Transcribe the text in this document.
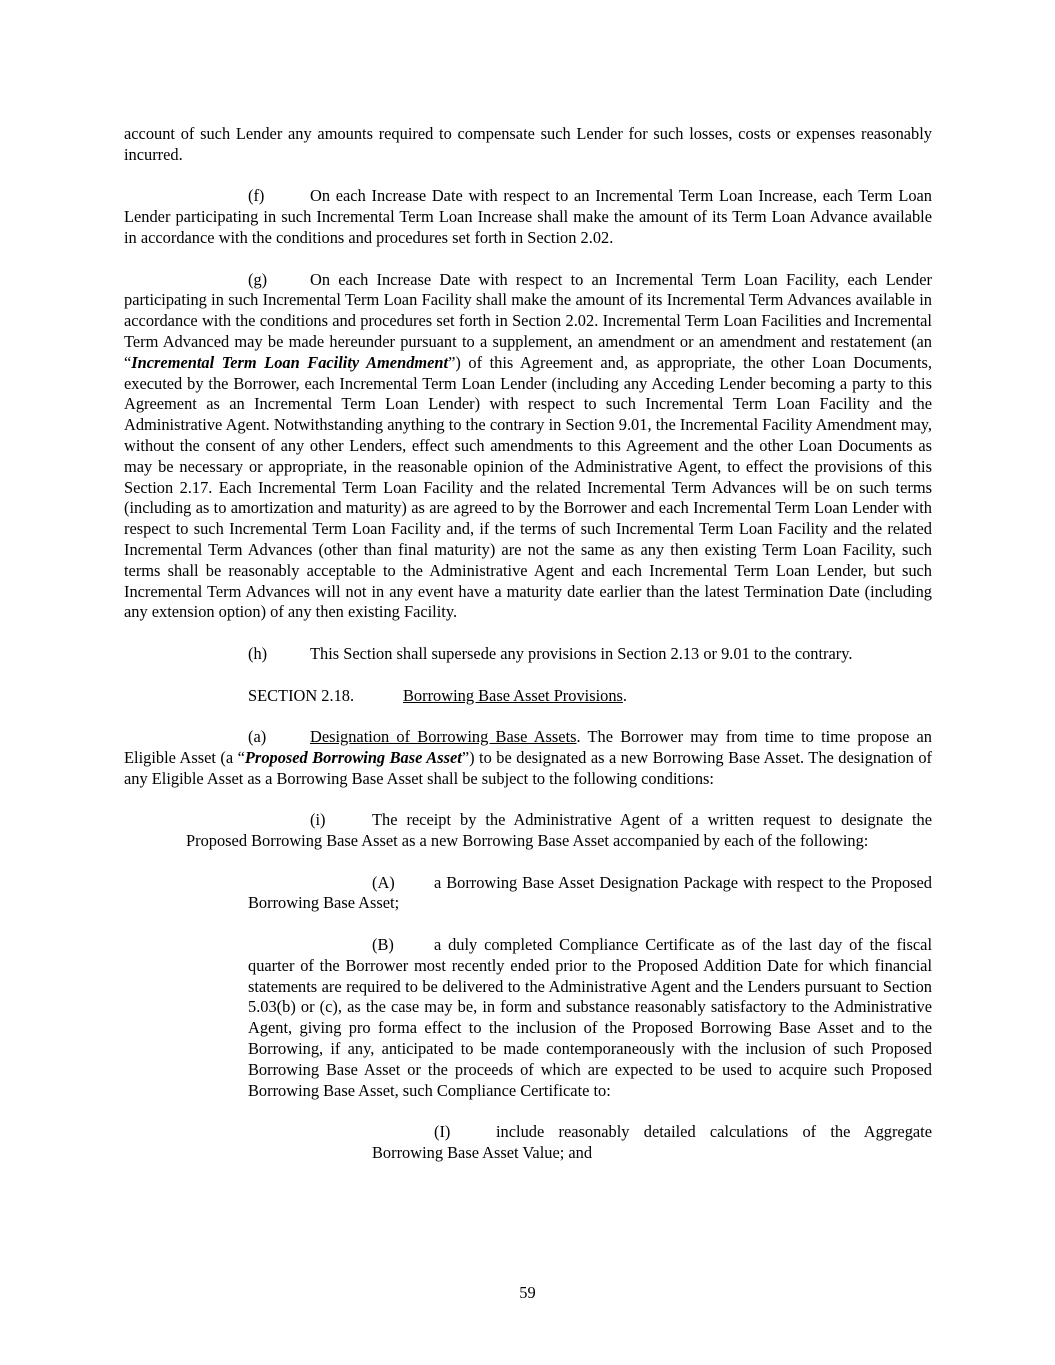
account of such Lender any amounts required to compensate such Lender for such losses, costs or expenses reasonably incurred.

(f)	On each Increase Date with respect to an Incremental Term Loan Increase, each Term Loan Lender participating in such Incremental Term Loan Increase shall make the amount of its Term Loan Advance available in accordance with the conditions and procedures set forth in Section 2.02.

(g)	On each Increase Date with respect to an Incremental Term Loan Facility, each Lender participating in such Incremental Term Loan Facility shall make the amount of its Incremental Term Advances available in accordance with the conditions and procedures set forth in Section 2.02. Incremental Term Loan Facilities and Incremental Term Advanced may be made hereunder pursuant to a supplement, an amendment or an amendment and restatement (an “Incremental Term Loan Facility Amendment”) of this Agreement and, as appropriate, the other Loan Documents, executed by the Borrower, each Incremental Term Loan Lender (including any Acceding Lender becoming a party to this Agreement as an Incremental Term Loan Lender) with respect to such Incremental Term Loan Facility and the Administrative Agent. Notwithstanding anything to the contrary in Section 9.01, the Incremental Facility Amendment may, without the consent of any other Lenders, effect such amendments to this Agreement and the other Loan Documents as may be necessary or appropriate, in the reasonable opinion of the Administrative Agent, to effect the provisions of this Section 2.17. Each Incremental Term Loan Facility and the related Incremental Term Advances will be on such terms (including as to amortization and maturity) as are agreed to by the Borrower and each Incremental Term Loan Lender with respect to such Incremental Term Loan Facility and, if the terms of such Incremental Term Loan Facility and the related Incremental Term Advances (other than final maturity) are not the same as any then existing Term Loan Facility, such terms shall be reasonably acceptable to the Administrative Agent and each Incremental Term Loan Lender, but such Incremental Term Advances will not in any event have a maturity date earlier than the latest Termination Date (including any extension option) of any then existing Facility.

(h)	This Section shall supersede any provisions in Section 2.13 or 9.01 to the contrary.

SECTION 2.18.	Borrowing Base Asset Provisions.

(a)	Designation of Borrowing Base Assets. The Borrower may from time to time propose an Eligible Asset (a “Proposed Borrowing Base Asset”) to be designated as a new Borrowing Base Asset. The designation of any Eligible Asset as a Borrowing Base Asset shall be subject to the following conditions:

(i)	The receipt by the Administrative Agent of a written request to designate the Proposed Borrowing Base Asset as a new Borrowing Base Asset accompanied by each of the following:

(A) a Borrowing Base Asset Designation Package with respect to the Proposed Borrowing Base Asset;

(B) a duly completed Compliance Certificate as of the last day of the fiscal quarter of the Borrower most recently ended prior to the Proposed Addition Date for which financial statements are required to be delivered to the Administrative Agent and the Lenders pursuant to Section 5.03(b) or (c), as the case may be, in form and substance reasonably satisfactory to the Administrative Agent, giving pro forma effect to the inclusion of the Proposed Borrowing Base Asset and to the Borrowing, if any, anticipated to be made contemporaneously with the inclusion of such Proposed Borrowing Base Asset or the proceeds of which are expected to be used to acquire such Proposed Borrowing Base Asset, such Compliance Certificate to:

(I)	include reasonably detailed calculations of the Aggregate Borrowing Base Asset Value; and

59
